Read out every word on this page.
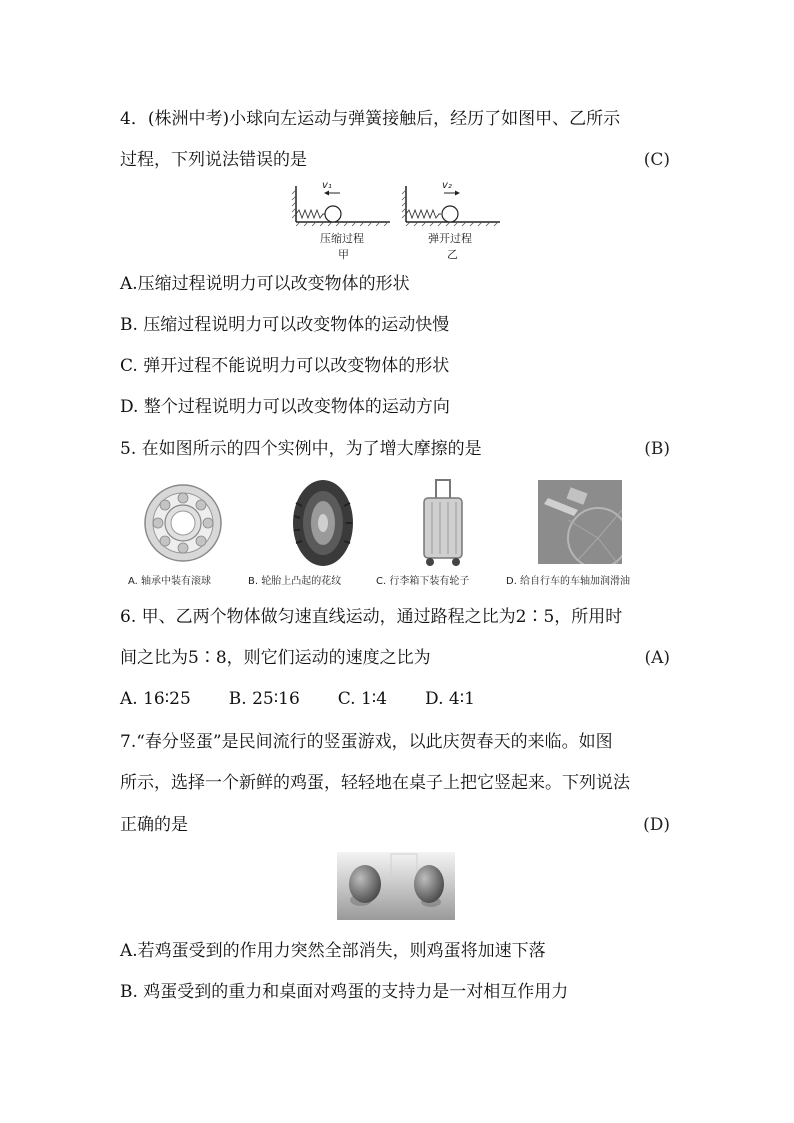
4．(株洲中考)小球向左运动与弹簧接触后，经历了如图甲、乙所示
过程，下列说法错误的是	(C)
v₁	v₂
压缩过程
甲
弹开过程
乙
A.压缩过程说明力可以改变物体的形状
B. 压缩过程说明力可以改变物体的运动快慢
C. 弹开过程不能说明力可以改变物体的形状
D. 整个过程说明力可以改变物体的运动方向
5. 在如图所示的四个实例中，为了增大摩擦的是	(B)
A. 轴承中装有滚球	B. 轮胎上凸起的花纹	C. 行李箱下装有轮子	D. 给自行车的车轴加润滑油
6. 甲、乙两个物体做匀速直线运动，通过路程之比为2∶5，所用时
间之比为5∶8，则它们运动的速度之比为	(A)
A. 16∶25 B. 25∶16 C. 1∶4 D. 4∶1
7.“春分竖蛋”是民间流行的竖蛋游戏，以此庆贺春天的来临。如图
所示，选择一个新鲜的鸡蛋，轻轻地在桌子上把它竖起来。下列说法
正确的是	(D)
A.若鸡蛋受到的作用力突然全部消失，则鸡蛋将加速下落
B. 鸡蛋受到的重力和桌面对鸡蛋的支持力是一对相互作用力
